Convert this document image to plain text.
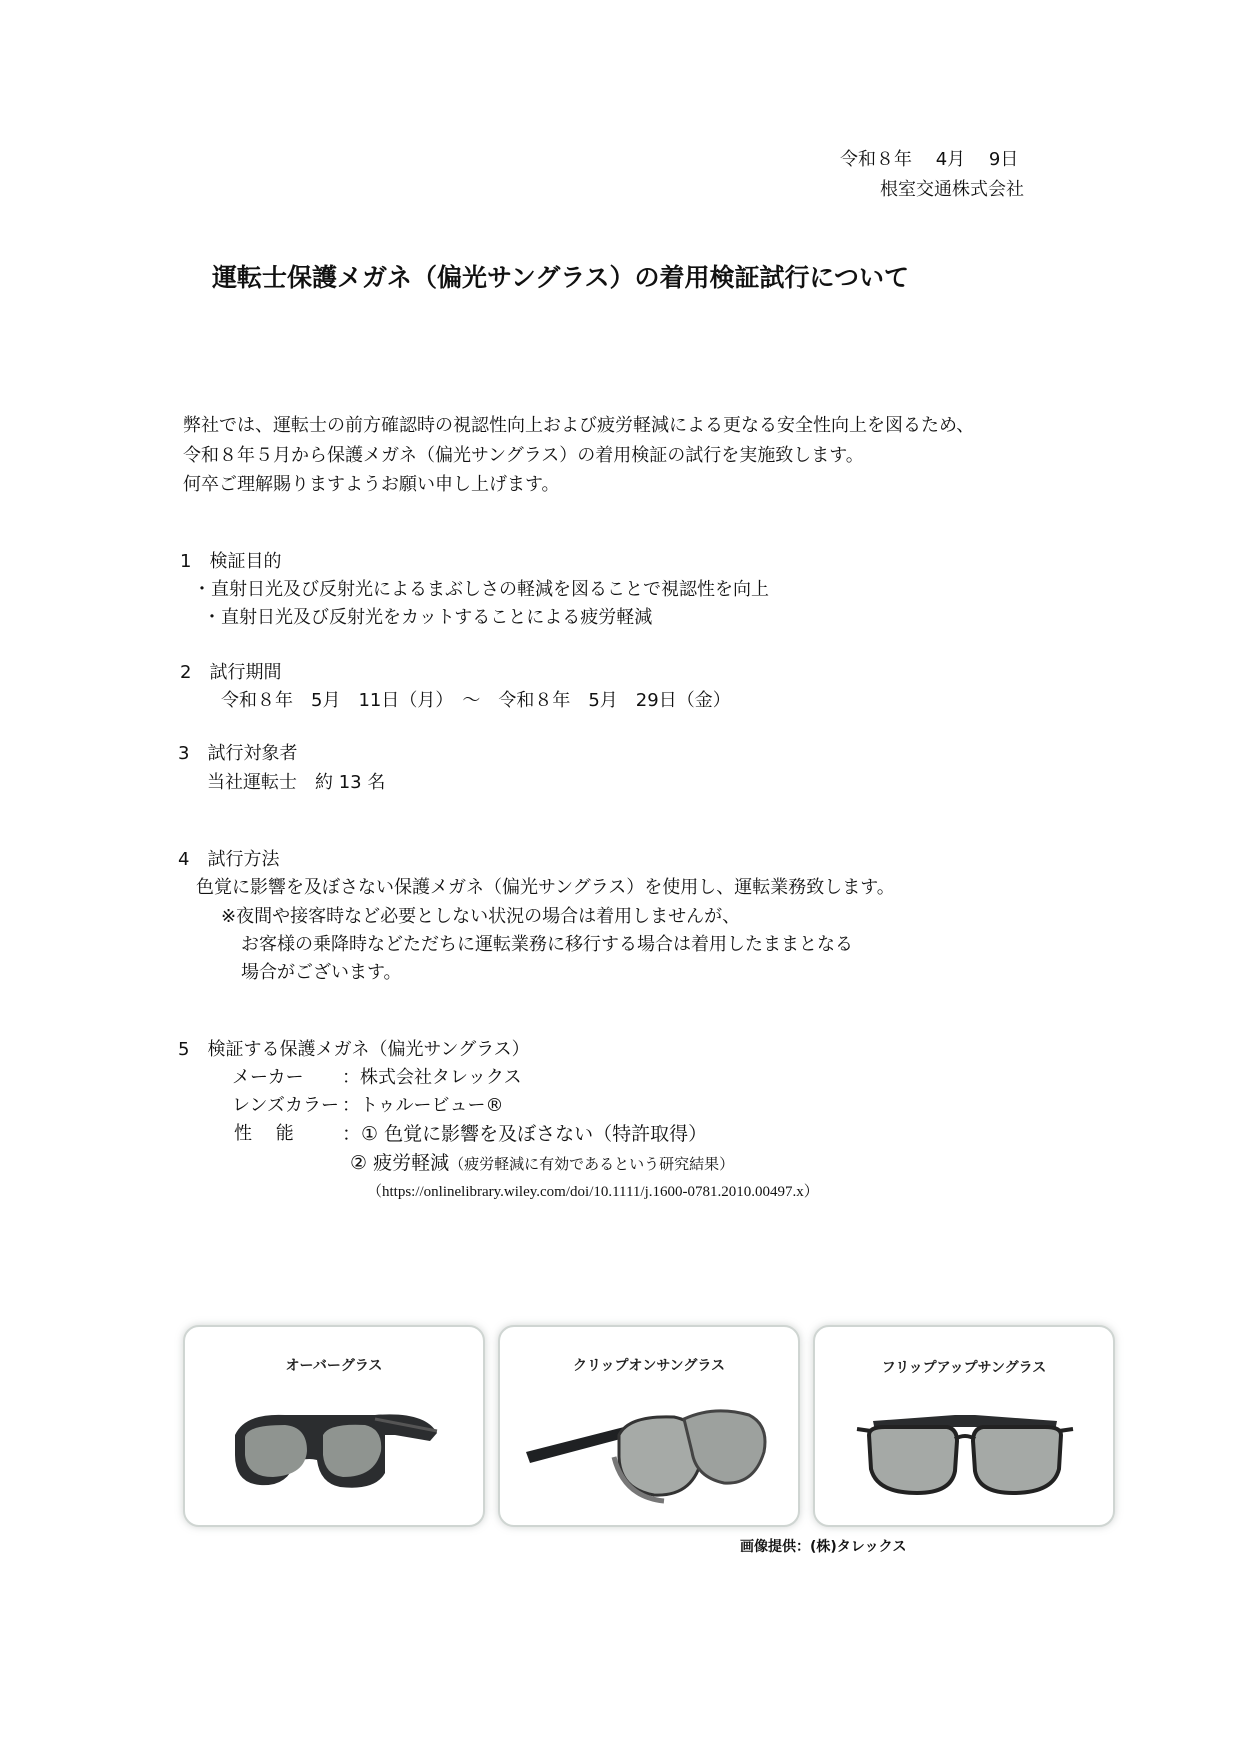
令和８年　 4月　 9日
根室交通株式会社
運転士保護メガネ（偏光サングラス）の着用検証試行について
弊社では、運転士の前方確認時の視認性向上および疲労軽減による更なる安全性向上を図るため、
令和８年５月から保護メガネ（偏光サングラス）の着用検証の試行を実施致します。
何卒ご理解賜りますようお願い申し上げます。
1　検証目的
・直射日光及び反射光によるまぶしさの軽減を図ることで視認性を向上
・直射日光及び反射光をカットすることによる疲労軽減
2　試行期間
令和８年　5月　11日（月）　～　令和８年　5月　29日（金）
3　試行対象者
当社運転士　約 13 名
4　試行方法
色覚に影響を及ぼさない保護メガネ（偏光サングラス）を使用し、運転業務致します。
※夜間や接客時など必要としない状況の場合は着用しませんが、
お客様の乗降時などただちに運転業務に移行する場合は着用したままとなる
場合がございます。
5　検証する保護メガネ（偏光サングラス）
メーカー ：株式会社タレックス
レンズカラー ：トゥルービュー®
性　 能	：① 色覚に影響を及ぼさない（特許取得）
② 疲労軽減（疲労軽減に有効であるという研究結果）
（https://onlinelibrary.wiley.com/doi/10.1111/j.1600-0781.2010.00497.x）
オーバーグラス	クリップオンサングラス	フリップアップサングラス
画像提供：(株)タレックス
